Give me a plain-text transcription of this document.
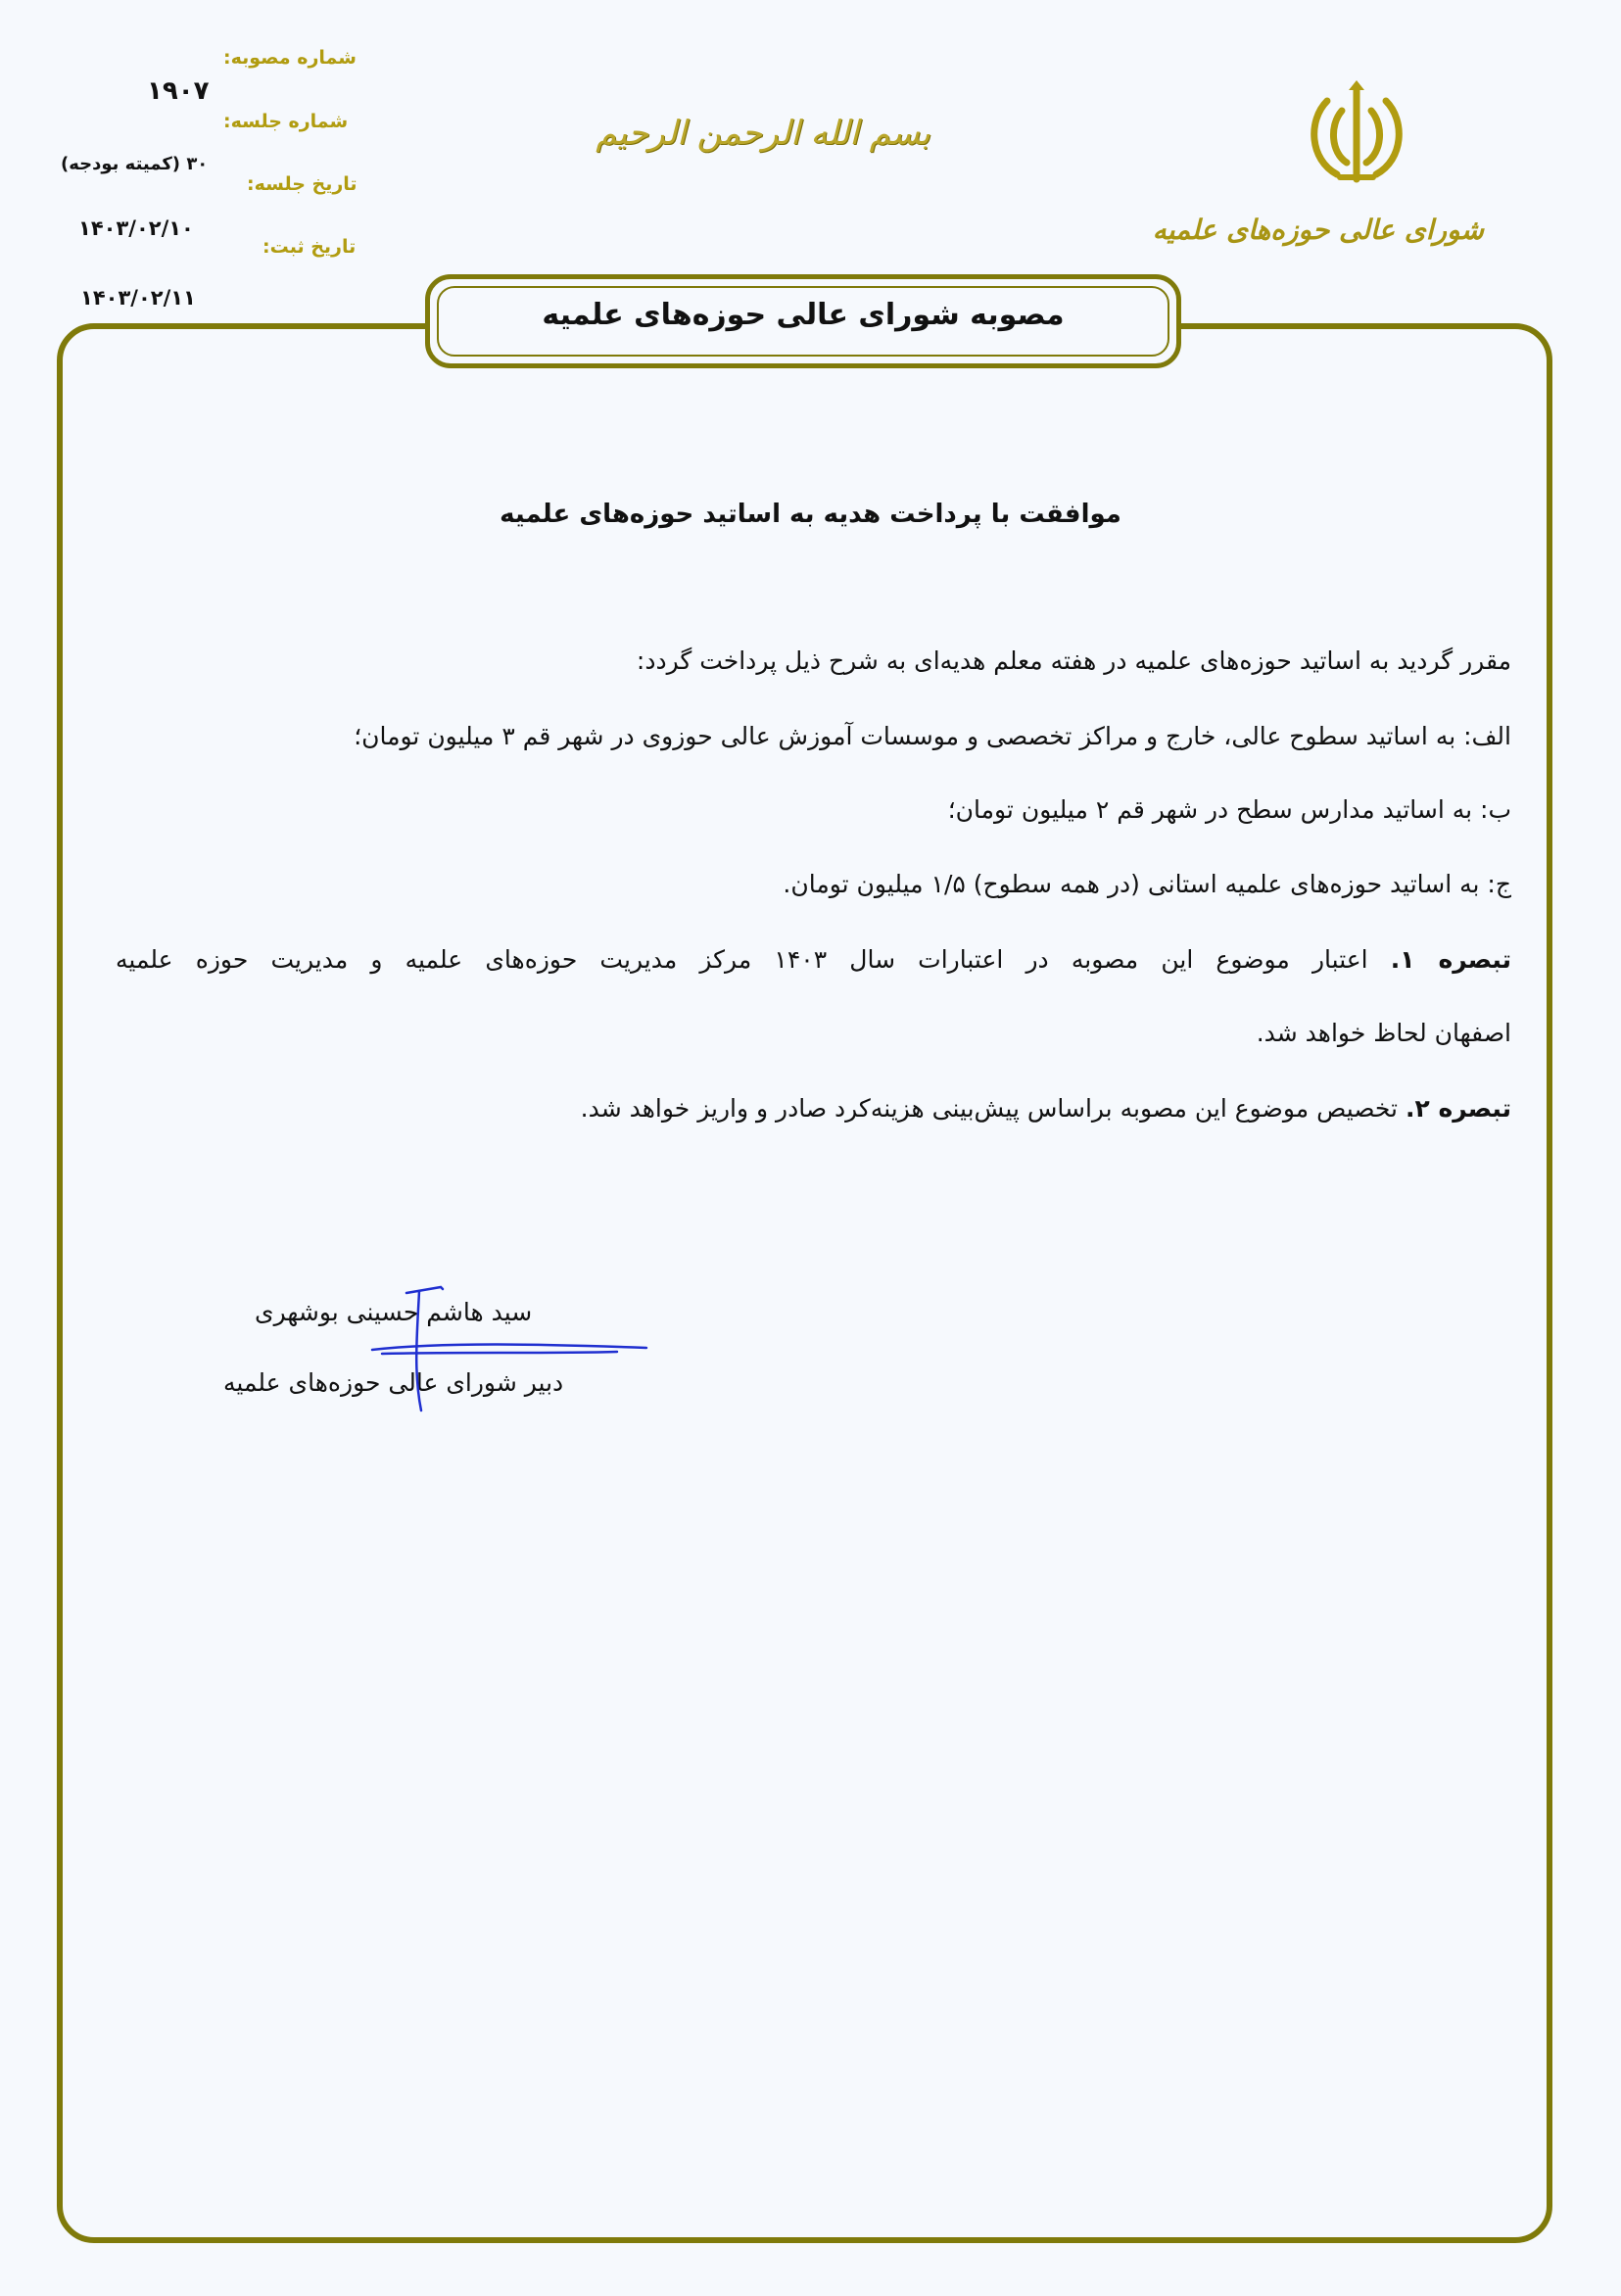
شماره مصوبه:
شماره جلسه:
تاریخ جلسه:
تاریخ ثبت:
۱۹۰۷
۳۰ (کمیته بودجه)
۱۴۰۳/۰۲/۱۰
۱۴۰۳/۰۲/۱۱
بسم الله الرحمن الرحیم
شورای عالی حوزه‌های علمیه
مصوبه شورای عالی حوزه‌های علمیه
موافقت با پرداخت هدیه به اساتید حوزه‌های علمیه
مقرر گردید به اساتید حوزه‌های علمیه در هفته معلم هدیه‌ای به شرح ذیل پرداخت گردد:
الف: به اساتید سطوح عالی، خارج و مراکز تخصصی و موسسات آموزش عالی حوزوی در شهر قم ۳ میلیون تومان؛
ب: به اساتید مدارس سطح در شهر قم ۲ میلیون تومان؛
ج: به اساتید حوزه‌های علمیه استانی (در همه سطوح) ۱/۵ میلیون تومان.
تبصره ۱. اعتبار موضوع این مصوبه در اعتبارات سال ۱۴۰۳ مرکز مدیریت حوزه‌های علمیه و مدیریت حوزه علمیه
اصفهان لحاظ خواهد شد.
تبصره ۲. تخصیص موضوع این مصوبه براساس پیش‌بینی هزینه‌کرد صادر و واریز خواهد شد.
سید هاشم حسینی بوشهری
دبیر شورای عالی حوزه‌های علمیه
